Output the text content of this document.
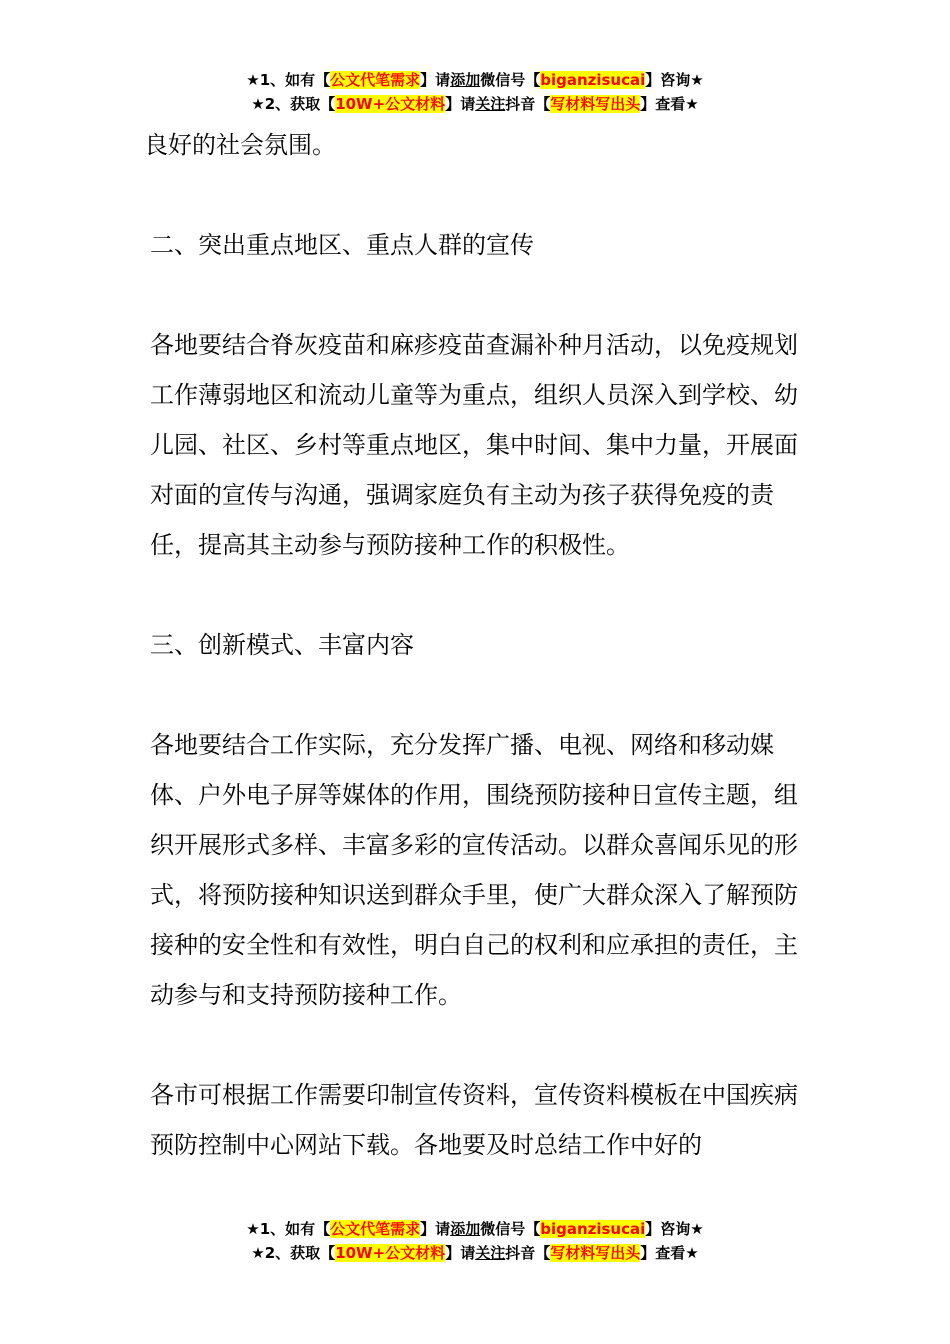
★1、如有【公文代笔需求】请添加微信号【biganzisucai】咨询★
★2、获取【10W+公文材料】请关注抖音【写材料写出头】查看★

良好的社会氛围。

二、突出重点地区、重点人群的宣传

各地要结合脊灰疫苗和麻疹疫苗查漏补种月活动，以免疫规划工作薄弱地区和流动儿童等为重点，组织人员深入到学校、幼儿园、社区、乡村等重点地区，集中时间、集中力量，开展面对面的宣传与沟通，强调家庭负有主动为孩子获得免疫的责任，提高其主动参与预防接种工作的积极性。

三、创新模式、丰富内容

各地要结合工作实际，充分发挥广播、电视、网络和移动媒体、户外电子屏等媒体的作用，围绕预防接种日宣传主题，组织开展形式多样、丰富多彩的宣传活动。以群众喜闻乐见的形式，将预防接种知识送到群众手里，使广大群众深入了解预防接种的安全性和有效性，明白自己的权利和应承担的责任，主动参与和支持预防接种工作。

各市可根据工作需要印制宣传资料，宣传资料模板在中国疾病预防控制中心网站下载。各地要及时总结工作中好的

★1、如有【公文代笔需求】请添加微信号【biganzisucai】咨询★
★2、获取【10W+公文材料】请关注抖音【写材料写出头】查看★
